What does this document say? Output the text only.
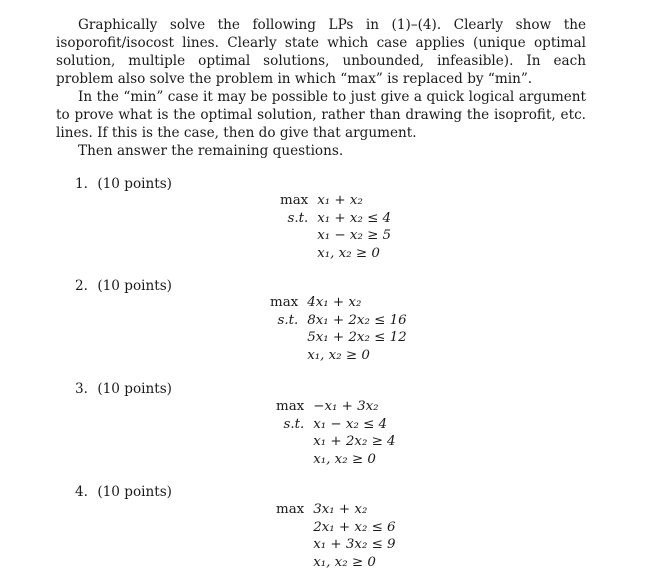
Graphically solve the following LPs in (1)–(4). Clearly show the isoporofit/isocost lines. Clearly state which case applies (unique optimal solution, multiple optimal solutions, unbounded, infeasible). In each problem also solve the problem in which “max” is replaced by “min”.

In the “min” case it may be possible to just give a quick logical argument to prove what is the optimal solution, rather than drawing the isoprofit, etc. lines. If this is the case, then do give that argument.

Then answer the remaining questions.

1. (10 points)
max	x₁ + x₂
s.t.	x₁ + x₂ ≤ 4
	x₁ − x₂ ≥ 5
	x₁, x₂ ≥ 0
2. (10 points)
max	4x₁ + x₂
s.t.	8x₁ + 2x₂ ≤ 16
	5x₁ + 2x₂ ≤ 12
	x₁, x₂ ≥ 0
3. (10 points)
max	−x₁ + 3x₂
s.t.	x₁ − x₂ ≤ 4
	x₁ + 2x₂ ≥ 4
	x₁, x₂ ≥ 0
4. (10 points)
max	3x₁ + x₂
	2x₁ + x₂ ≤ 6
	x₁ + 3x₂ ≤ 9
	x₁, x₂ ≥ 0
